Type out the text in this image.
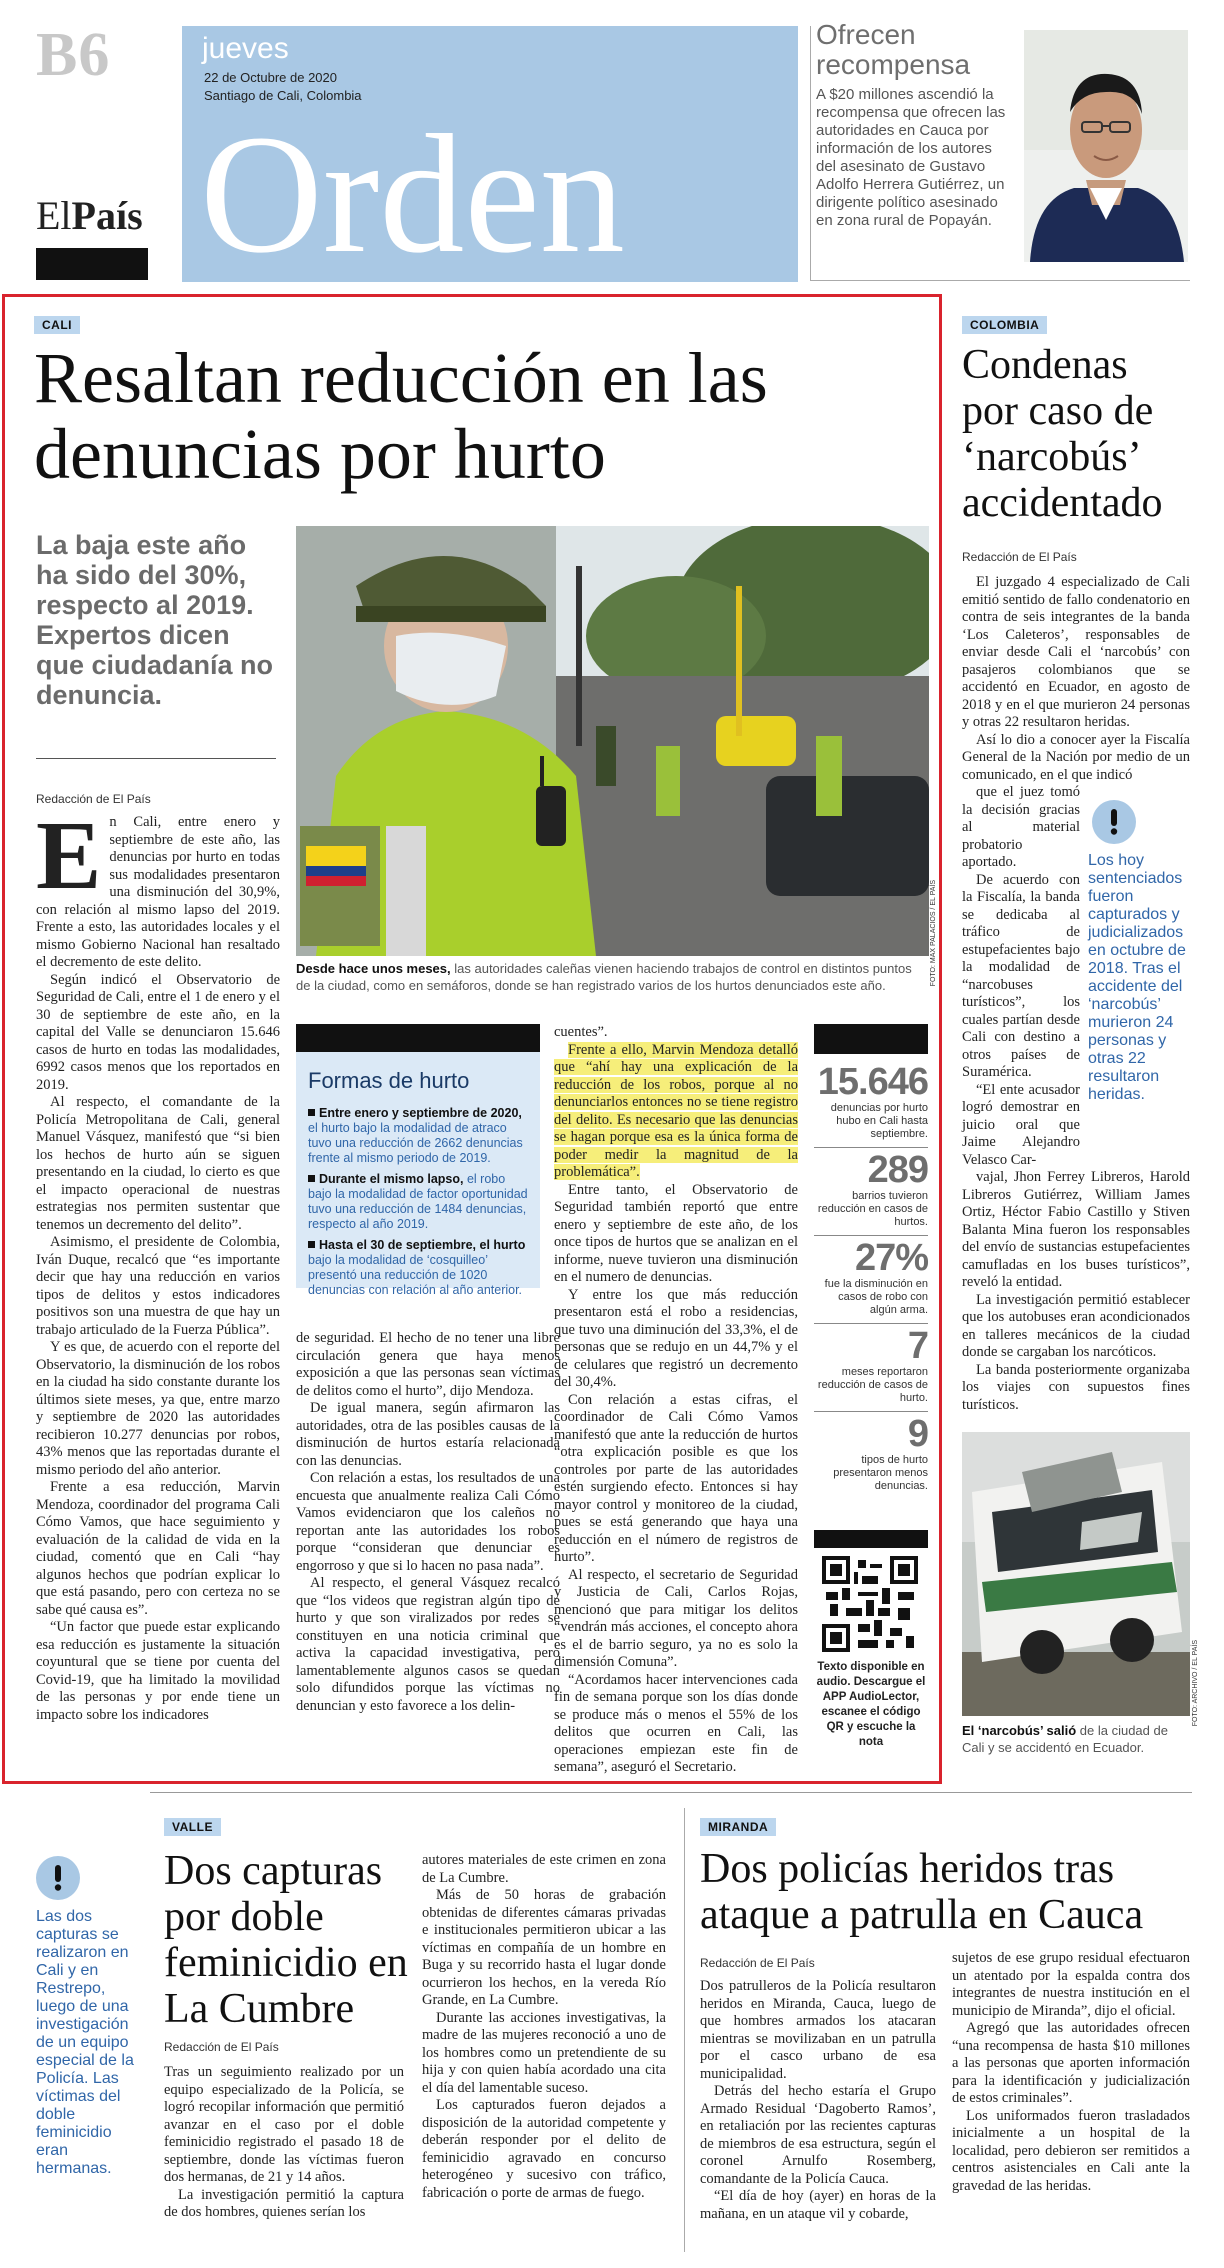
B6
ElPaís
jueves
22 de Octubre de 2020
Santiago de Cali, Colombia
Orden
Ofrecen recompensa
A $20 millones ascendió la recompensa que ofrecen las autoridades en Cauca por información de los autores del asesinato de Gustavo Adolfo Herrera Gutiérrez, un dirigente político asesinado en zona rural de Popayán.
CALI
Resaltan reducción en las denuncias por hurto
La baja este año ha sido del 30%, respecto al 2019. Expertos dicen que ciudadanía no denuncia.
Redacción de El País
FOTO: MAX PALACIOS / EL PAÍS
Desde hace unos meses, las autoridades caleñas vienen haciendo trabajos de control en distintos puntos de la ciudad, como en semáforos, donde se han registrado varios de los hurtos denunciados este año.
E n Cali, entre enero y septiembre de este año, las denuncias por hurto en todas sus modalidades presentaron una disminución del 30,9%, con relación al mismo lapso del 2019. Frente a esto, las autoridades locales y el mismo Gobierno Nacional han resaltado el decremento de este delito.

Según indicó el Observatorio de Seguridad de Cali, entre el 1 de enero y el 30 de septiembre de este año, en la capital del Valle se denunciaron 15.646 casos de hurto en todas las modalidades, 6992 casos menos que los reportados en 2019.

Al respecto, el comandante de la Policía Metropolitana de Cali, general Manuel Vásquez, manifestó que “si bien los hechos de hurto aún se siguen presentando en la ciudad, lo cierto es que el impacto operacional de nuestras estrategias nos permiten sustentar que tenemos un decremento del delito”.

Asimismo, el presidente de Colombia, Iván Duque, recalcó que “es importante decir que hay una reducción en varios tipos de delitos y estos indicadores positivos son una muestra de que hay un trabajo articulado de la Fuerza Pública”.

Y es que, de acuerdo con el reporte del Observatorio, la disminución de los robos en la ciudad ha sido constante durante los últimos siete meses, ya que, entre marzo y septiembre de 2020 las autoridades recibieron 10.277 denuncias por robos, 43% menos que las reportadas durante el mismo periodo del año anterior.

Frente a esa reducción, Marvin Mendoza, coordinador del programa Cali Cómo Vamos, que hace seguimiento y evaluación de la calidad de vida en la ciudad, comentó que en Cali “hay algunos hechos que podrían explicar lo que está pasando, pero con certeza no se sabe qué causa es”.

“Un factor que puede estar explicando esa reducción es justamente la situación coyuntural que se tiene por cuenta del Covid-19, que ha limitado la movilidad de las personas y por ende tiene un impacto sobre los indicadores

Formas de hurto
Entre enero y septiembre de 2020, el hurto bajo la modalidad de atraco tuvo una reducción de 2662 denuncias frente al mismo periodo de 2019.
Durante el mismo lapso, el robo bajo la modalidad de factor oportunidad tuvo una reducción de 1484 denuncias, respecto al año 2019.
Hasta el 30 de septiembre, el hurto bajo la modalidad de ‘cosquilleo’ presentó una reducción de 1020 denuncias con relación al año anterior.

de seguridad. El hecho de no tener una libre circulación genera que haya menos exposición a que las personas sean víctimas de delitos como el hurto”, dijo Mendoza.

De igual manera, según afirmaron las autoridades, otra de las posibles causas de la disminución de hurtos estaría relacionada con las denuncias.

Con relación a estas, los resultados de una encuesta que anualmente realiza Cali Cómo Vamos evidenciaron que los caleños no reportan ante las autoridades los robos porque “consideran que denunciar es engorroso y que si lo hacen no pasa nada”.

Al respecto, el general Vásquez recalcó que “los videos que registran algún tipo de hurto y que son viralizados por redes se constituyen en una noticia criminal que activa la capacidad investigativa, pero lamentablemente algunos casos se quedan solo difundidos porque las víctimas no denuncian y esto favorece a los delin-

cuentes”.

Frente a ello, Marvin Mendoza detalló que “ahí hay una explicación de la reducción de los robos, porque al no denunciarlos entonces no se tiene registro del delito. Es necesario que las denuncias se hagan porque esa es la única forma de poder medir la magnitud de la problemática”.

Entre tanto, el Observatorio de Seguridad también reportó que entre enero y septiembre de este año, de los once tipos de hurtos que se analizan en el informe, nueve tuvieron una disminución en el numero de denuncias.

Y entre los que más reducción presentaron está el robo a residencias, que tuvo una diminución del 33,3%, el de personas que se redujo en un 44,7% y el de celulares que registró un decremento del 30,4%.

Con relación a estas cifras, el coordinador de Cali Cómo Vamos manifestó que ante la reducción de hurtos “otra explicación posible es que los controles por parte de las autoridades estén surgiendo efecto. Entonces si hay mayor control y monitoreo de la ciudad, pues se está generando que haya una reducción en el número de registros de hurto”.

Al respecto, el secretario de Seguridad y Justicia de Cali, Carlos Rojas, mencionó que para mitigar los delitos “vendrán más acciones, el concepto ahora es el de barrio seguro, ya no es solo la dimensión Comuna”.

“Acordamos hacer intervenciones cada fin de semana porque son los días donde se produce más o menos el 55% de los delitos que ocurren en Cali, las operaciones empiezan este fin de semana”, aseguró el Secretario.

15.646
denuncias por hurto hubo en Cali hasta septiembre.
289
barrios tuvieron reducción en casos de hurtos.
27%
fue la disminución en casos de robo con algún arma.
7
meses reportaron reducción de casos de hurto.
9
tipos de hurto presentaron menos denuncias.
Texto disponible en audio. Descargue el APP AudioLector, escanee el código QR y escuche la nota
COLOMBIA
Condenas por caso de ‘narcobús’ accidentado
Redacción de El País

El juzgado 4 especializado de Cali emitió sentido de fallo condenatorio en contra de seis integrantes de la banda ‘Los Caleteros’, responsables de enviar desde Cali el ‘narcobús’ con pasajeros colombianos que se accidentó en Ecuador, en agosto de 2018 y en el que murieron 24 personas y otras 22 resultaron heridas.

Así lo dio a conocer ayer la Fiscalía General de la Nación por medio de un comunicado, en el que indicó

que el juez tomó la decisión gracias al material probatorio aportado.

De acuerdo con la Fiscalía, la banda se dedicaba al tráfico de estupefacientes bajo la modalidad de “narcobuses turísticos”, los cuales partían desde Cali con destino a otros países de Suramérica.

“El ente acusador logró demostrar en juicio oral que Jaime Alejandro Velasco Car-

vajal, Jhon Ferrey Libreros, Harold Libreros Gutiérrez, William James Ortiz, Héctor Fabio Castillo y Stiven Balanta Mina fueron los responsables del envío de sustancias estupefacientes camufladas en los buses turísticos”, reveló la entidad.

La investigación permitió establecer que los autobuses eran acondicionados en talleres mecánicos de la ciudad donde se cargaban los narcóticos.

La banda posteriormente organizaba los viajes con supuestos fines turísticos.

Los hoy sentenciados fueron capturados y judicializados en octubre de 2018. Tras el accidente del ‘narcobús’ murieron 24 personas y otras 22 resultaron heridas.
FOTO: ARCHIVO / EL PAÍS
El ‘narcobús’ salió de la ciudad de Cali y se accidentó en Ecuador.
Las dos capturas se realizaron en Cali y en Restrepo, luego de una investigación de un equipo especial de la Policía. Las víctimas del doble feminicidio eran hermanas.
VALLE
Dos capturas por doble feminicidio en La Cumbre
Redacción de El País

Tras un seguimiento realizado por un equipo especializado de la Policía, se logró recopilar información que permitió avanzar en el caso por el doble feminicidio registrado el pasado 18 de septiembre, donde las víctimas fueron dos hermanas, de 21 y 14 años.

La investigación permitió la captura de dos hombres, quienes serían los

autores materiales de este crimen en zona de La Cumbre.

Más de 50 horas de grabación obtenidas de diferentes cámaras privadas e institucionales permitieron ubicar a las víctimas en compañía de un hombre en Buga y su recorrido hasta el lugar donde ocurrieron los hechos, en la vereda Río Grande, en La Cumbre.

Durante las acciones investigativas, la madre de las mujeres reconoció a uno de los hombres como un pretendiente de su hija y con quien había acordado una cita el día del lamentable suceso.

Los capturados fueron dejados a disposición de la autoridad competente y deberán responder por el delito de feminicidio agravado en concurso heterogéneo y sucesivo con tráfico, fabricación o porte de armas de fuego.

MIRANDA
Dos policías heridos tras ataque a patrulla en Cauca
Redacción de El País

Dos patrulleros de la Policía resultaron heridos en Miranda, Cauca, luego de que hombres armados los atacaran mientras se movilizaban en un patrulla por el casco urbano de esa municipalidad.

Detrás del hecho estaría el Grupo Armado Residual ‘Dagoberto Ramos’, en retaliación por las recientes capturas de miembros de esa estructura, según el coronel Arnulfo Rosemberg, comandante de la Policía Cauca.

“El día de hoy (ayer) en horas de la mañana, en un ataque vil y cobarde,

sujetos de ese grupo residual efectuaron un atentado por la espalda contra dos integrantes de nuestra institución en el municipio de Miranda”, dijo el oficial.

Agregó que las autoridades ofrecen “una recompensa de hasta $10 millones a las personas que aporten información para la identificación y judicialización de estos criminales”.

Los uniformados fueron trasladados inicialmente a un hospital de la localidad, pero debieron ser remitidos a centros asistenciales en Cali ante la gravedad de las heridas.
